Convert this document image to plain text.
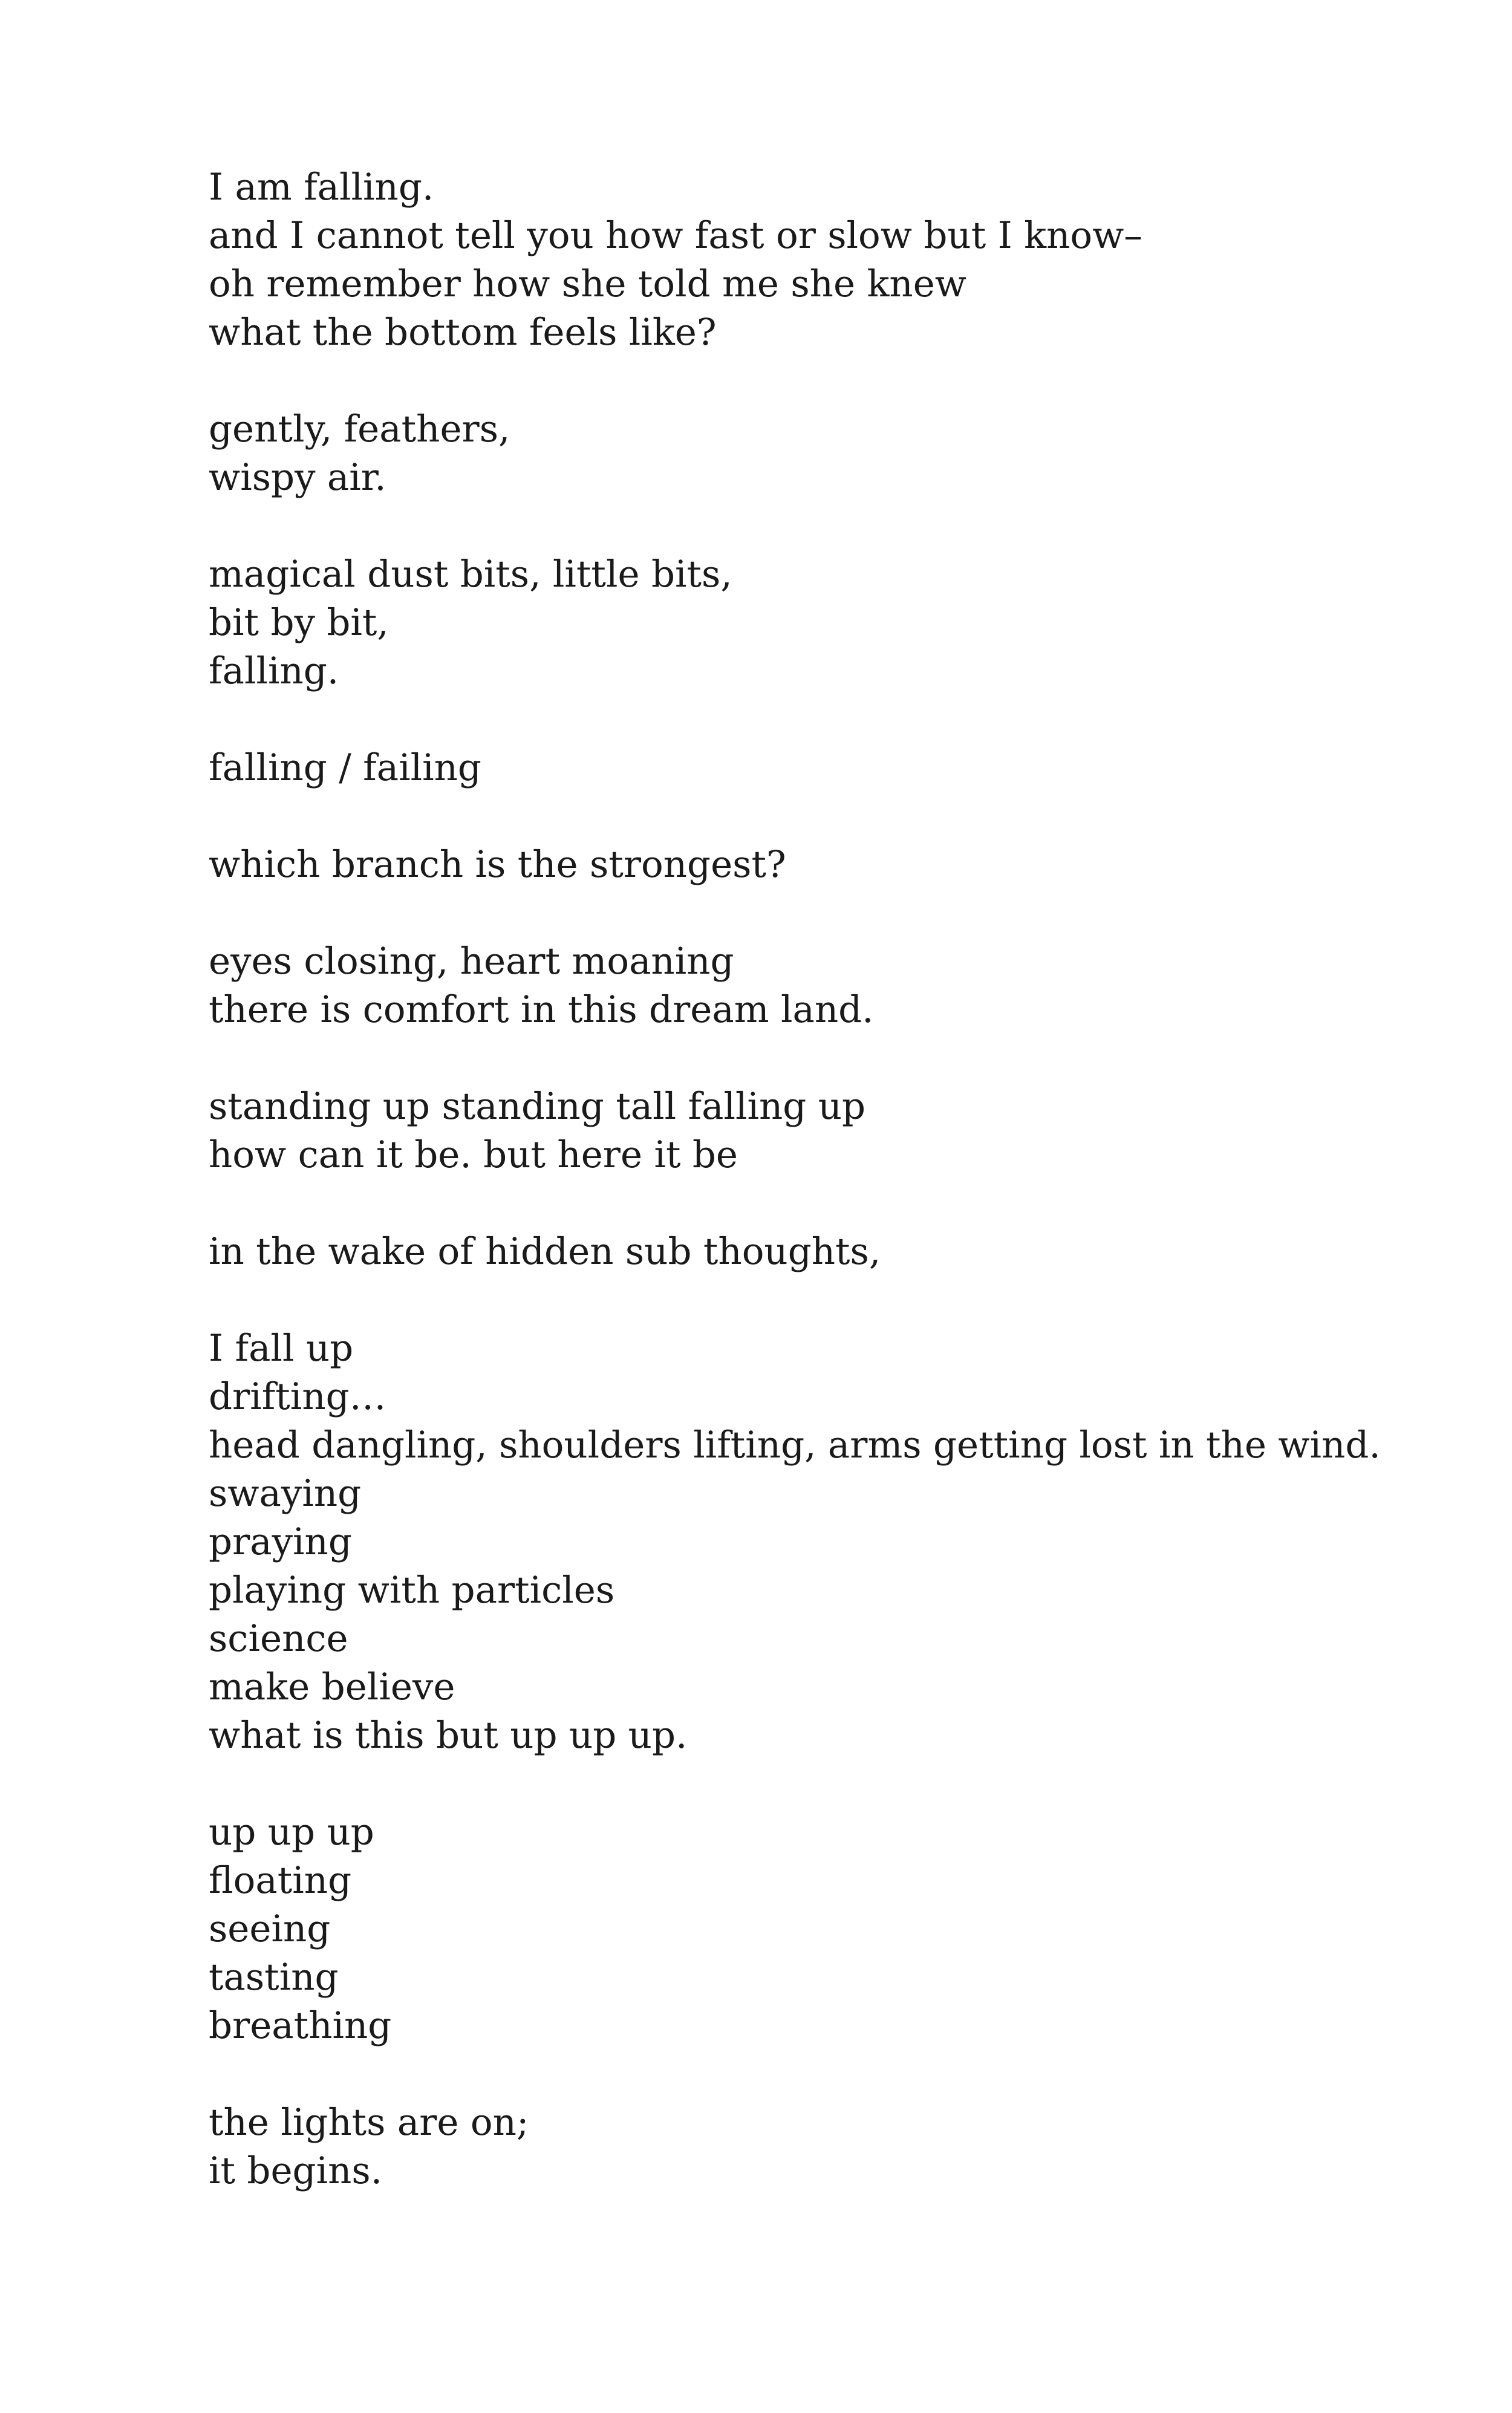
I am falling.
and I cannot tell you how fast or slow but I know–
oh remember how she told me she knew
what the bottom feels like?
gently, feathers,
wispy air.
magical dust bits, little bits,
bit by bit,
falling.
falling / failing
which branch is the strongest?
eyes closing, heart moaning
there is comfort in this dream land.
standing up standing tall falling up
how can it be. but here it be
in the wake of hidden sub thoughts,
I fall up
drifting…
head dangling, shoulders lifting, arms getting lost in the wind.
swaying
praying
playing with particles
science
make believe
what is this but up up up.
up up up
floating
seeing
tasting
breathing
the lights are on;
it begins.
